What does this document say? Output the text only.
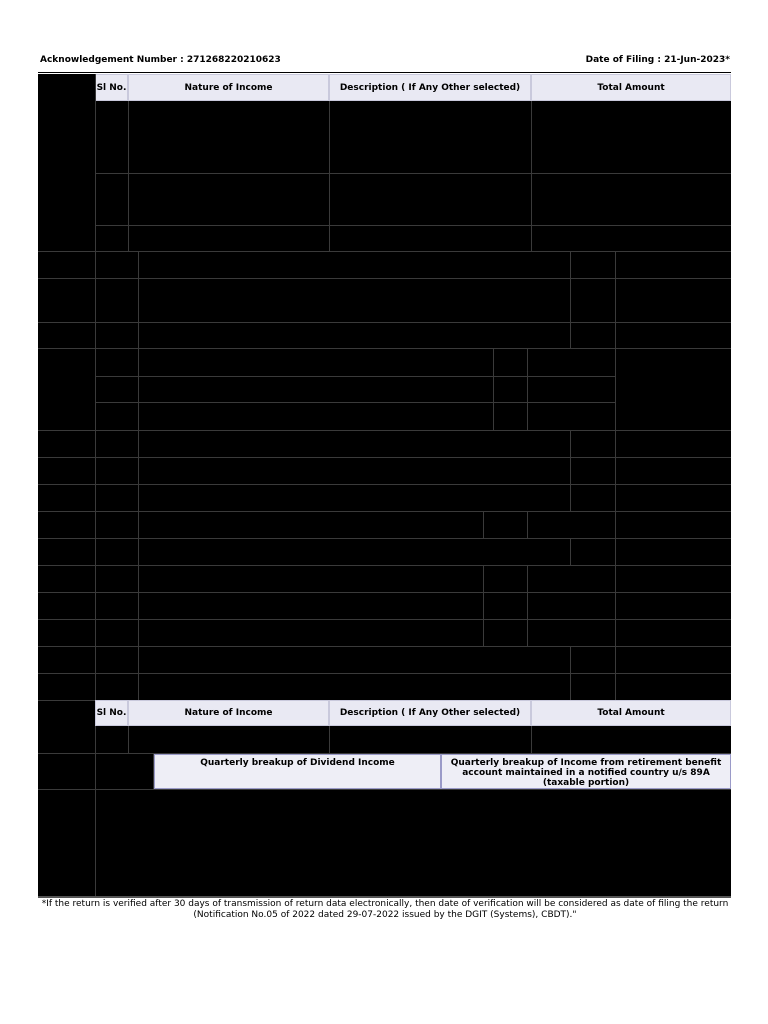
Acknowledgement Number : 271268220210623	Date of Filing : 21-Jun-2023*
Sl No.	Nature of Income	Description ( If Any Other selected)	Total Amount
Sl No.	Nature of Income	Description ( If Any Other selected)	Total Amount
Quarterly breakup of Dividend Income	Quarterly breakup of Income from retirement benefit account maintained in a notified country u/s 89A (taxable portion)
*If the return is verified after 30 days of transmission of return data electronically, then date of verification will be considered as date of filing the return (Notification No.05 of 2022 dated 29-07-2022 issued by the DGIT (Systems), CBDT)."
